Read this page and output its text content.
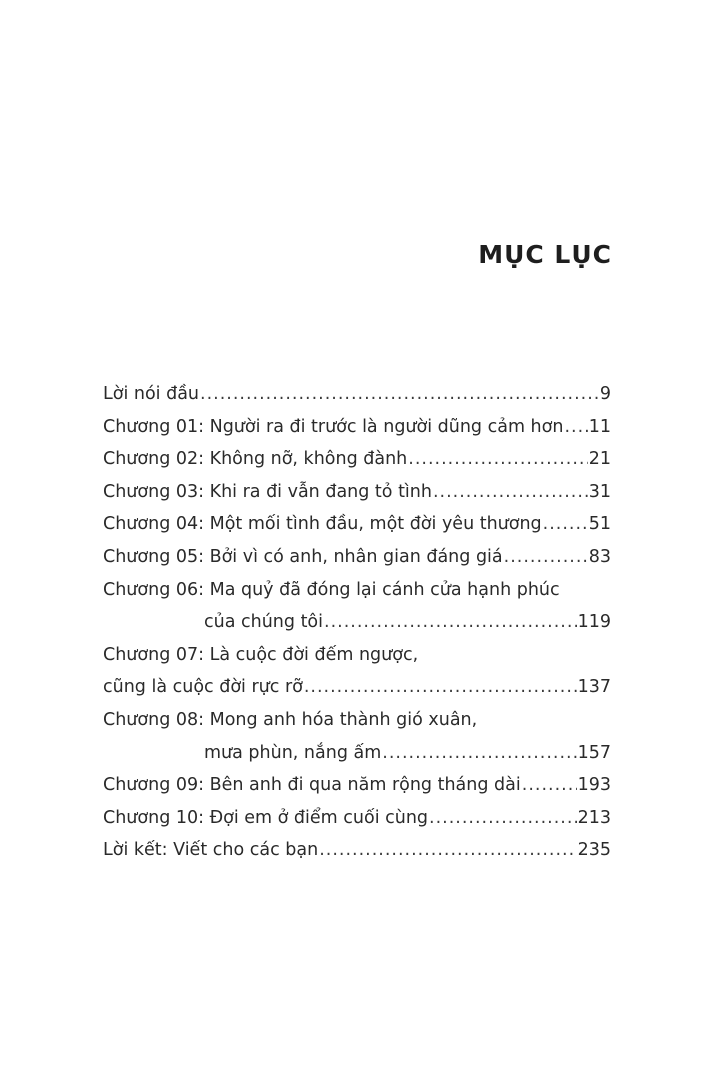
MỤC LỤC
Lời nói đầu .....	9
Chương 01: Người ra đi trước là người dũng cảm hơn ..... 11
Chương 02: Không nỡ, không đành .....	21
Chương 03: Khi ra đi vẫn đang tỏ tình .....	31
Chương 04: Một mối tình đầu, một đời yêu thương .....	51
Chương 05: Bởi vì có anh, nhân gian đáng giá .....	83
Chương 06: Ma quỷ đã đóng lại cánh cửa hạnh phúc
của chúng tôi .....	119
Chương 07: Là cuộc đời đếm ngược,
cũng là cuộc đời rực rỡ .....	137
Chương 08: Mong anh hóa thành gió xuân,
mưa phùn, nắng ấm .....	157
Chương 09: Bên anh đi qua năm rộng tháng dài .....	193
Chương 10: Đợi em ở điểm cuối cùng .....	213
Lời kết: Viết cho các bạn .....	235
